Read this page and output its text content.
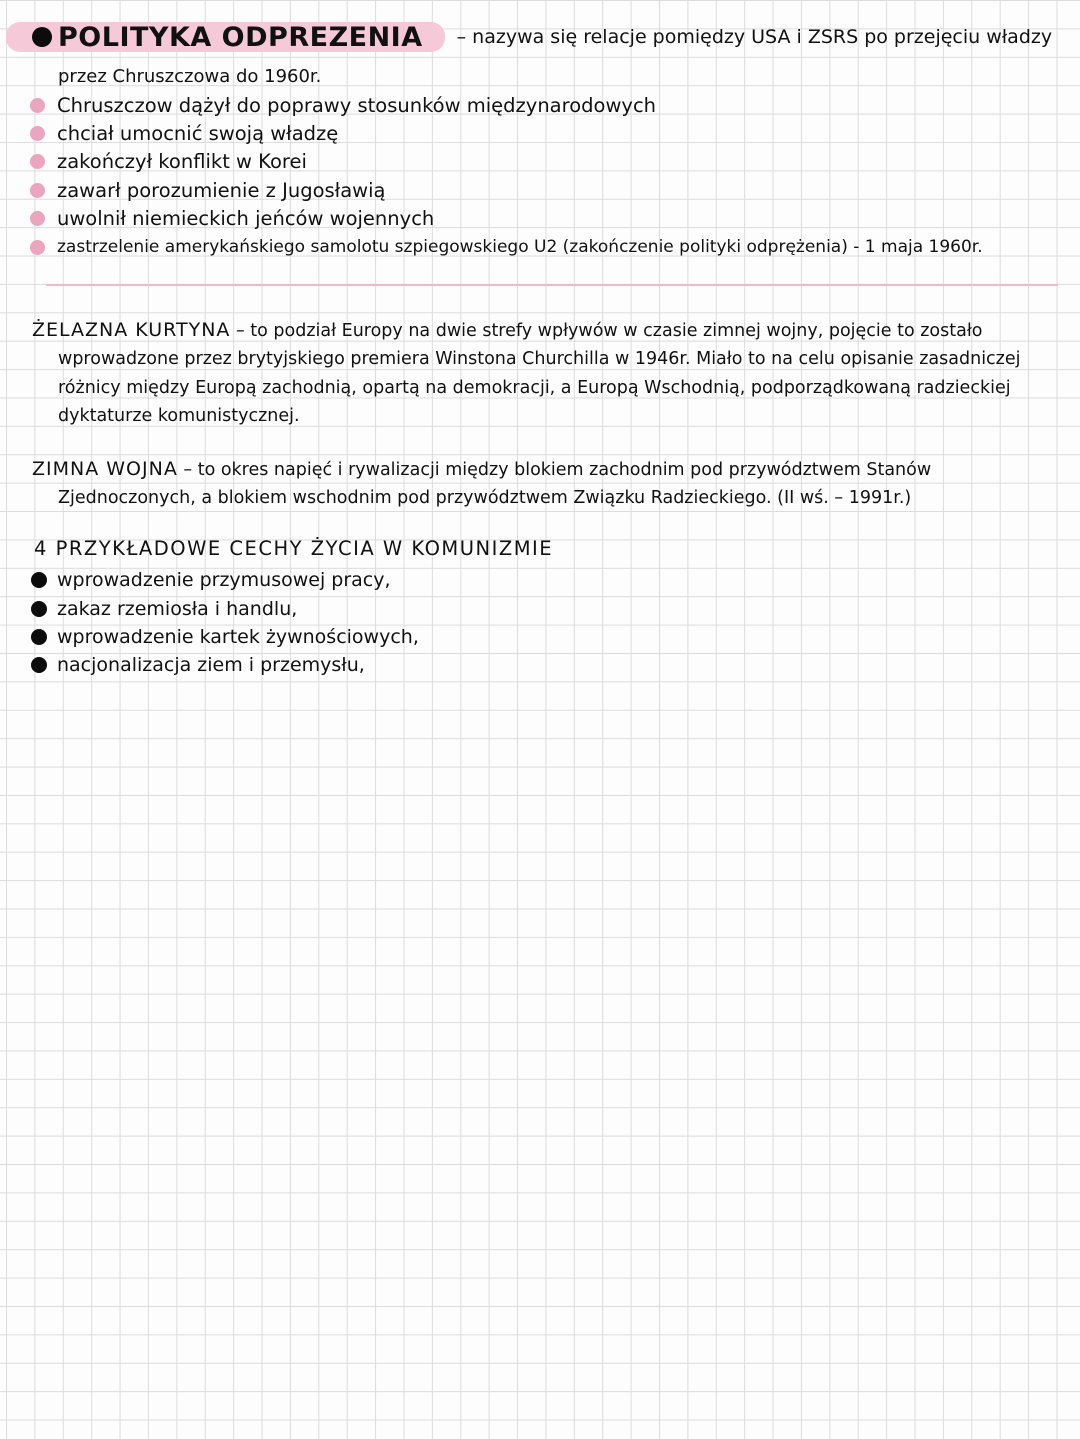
POLITYKA ODPREZENIA – nazywa się relacje pomiędzy USA i ZSRS po przejęciu władzy
przez Chruszczowa do 1960r.
Chruszczow dążył do poprawy stosunków międzynarodowych
chciał umocnić swoją władzę
zakończył konflikt w Korei
zawarł porozumienie z Jugosławią
uwolnił niemieckich jeńców wojennych
zastrzelenie amerykańskiego samolotu szpiegowskiego U2 (zakończenie polityki odprężenia) - 1 maja 1960r.
ŻELAZNA KURTYNA – to podział Europy na dwie strefy wpływów w czasie zimnej wojny, pojęcie to zostało
wprowadzone przez brytyjskiego premiera Winstona Churchilla w 1946r. Miało to na celu opisanie zasadniczej
różnicy między Europą zachodnią, opartą na demokracji, a Europą Wschodnią, podporządkowaną radzieckiej
dyktaturze komunistycznej.
ZIMNA WOJNA – to okres napięć i rywalizacji między blokiem zachodnim pod przywództwem Stanów
Zjednoczonych, a blokiem wschodnim pod przywództwem Związku Radzieckiego. (II wś. – 1991r.)
4 PRZYKŁADOWE CECHY ŻYCIA W KOMUNIZMIE
wprowadzenie przymusowej pracy,
zakaz rzemiosła i handlu,
wprowadzenie kartek żywnościowych,
nacjonalizacja ziem i przemysłu,
